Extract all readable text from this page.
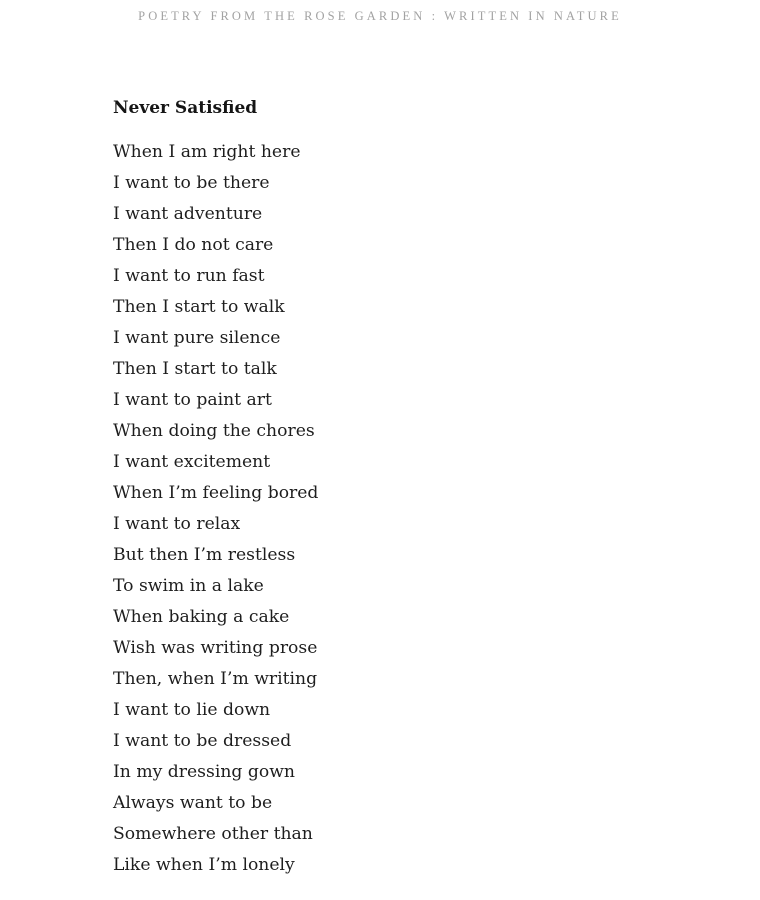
POETRY FROM THE ROSE GARDEN : WRITTEN IN NATURE
Never Satisfied
When I am right here
I want to be there
I want adventure
Then I do not care
I want to run fast
Then I start to walk
I want pure silence
Then I start to talk
I want to paint art
When doing the chores
I want excitement
When I’m feeling bored
I want to relax
But then I’m restless
To swim in a lake
When baking a cake
Wish was writing prose
Then, when I’m writing
I want to lie down
I want to be dressed
In my dressing gown
Always want to be
Somewhere other than
Like when I’m lonely
